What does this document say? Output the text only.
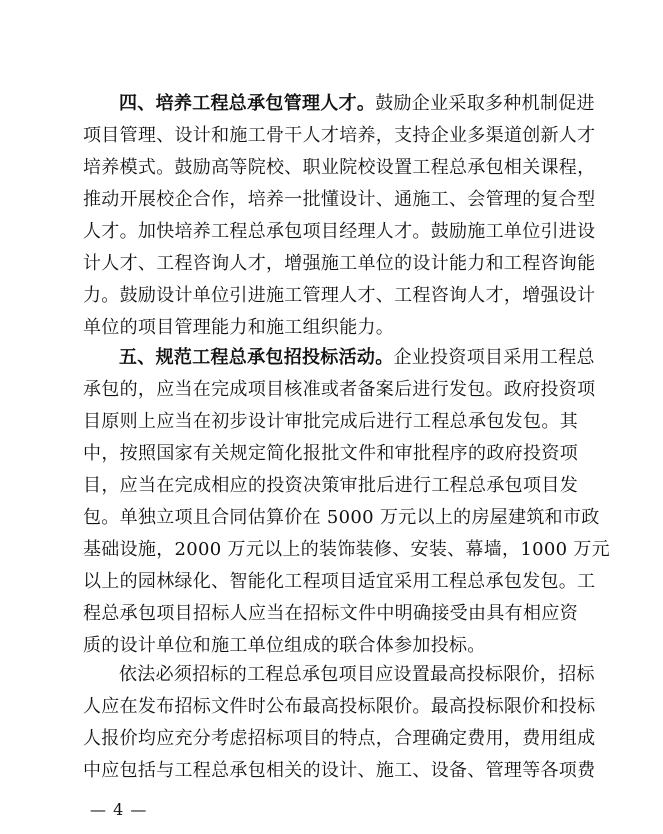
四、培养工程总承包管理人才。鼓励企业采取多种机制促进
项目管理、设计和施工骨干人才培养，支持企业多渠道创新人才
培养模式。鼓励高等院校、职业院校设置工程总承包相关课程，
推动开展校企合作，培养一批懂设计、通施工、会管理的复合型
人才。加快培养工程总承包项目经理人才。鼓励施工单位引进设
计人才、工程咨询人才，增强施工单位的设计能力和工程咨询能
力。鼓励设计单位引进施工管理人才、工程咨询人才，增强设计
单位的项目管理能力和施工组织能力。
五、规范工程总承包招投标活动。企业投资项目采用工程总
承包的，应当在完成项目核准或者备案后进行发包。政府投资项
目原则上应当在初步设计审批完成后进行工程总承包发包。其
中，按照国家有关规定简化报批文件和审批程序的政府投资项
目，应当在完成相应的投资决策审批后进行工程总承包项目发
包。单独立项且合同估算价在 5000 万元以上的房屋建筑和市政
基础设施，2000 万元以上的装饰装修、安装、幕墙，1000 万元
以上的园林绿化、智能化工程项目适宜采用工程总承包发包。工
程总承包项目招标人应当在招标文件中明确接受由具有相应资
质的设计单位和施工单位组成的联合体参加投标。
依法必须招标的工程总承包项目应设置最高投标限价，招标
人应在发布招标文件时公布最高投标限价。最高投标限价和投标
人报价均应充分考虑招标项目的特点，合理确定费用，费用组成
中应包括与工程总承包相关的设计、施工、设备、管理等各项费
— 4 —
